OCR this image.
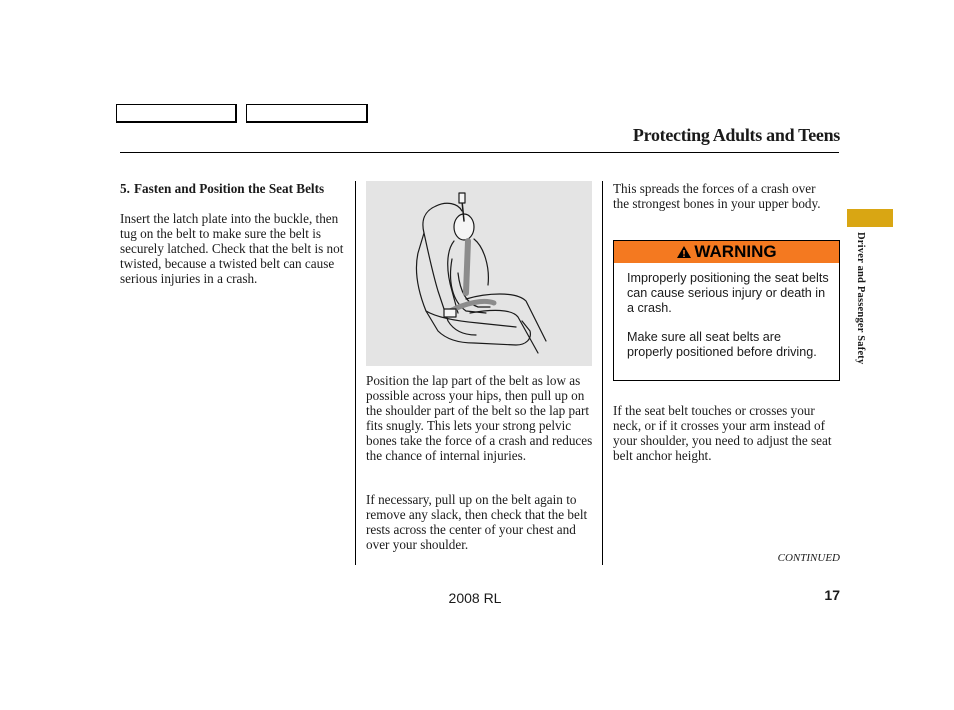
Protecting Adults and Teens
5. Fasten and Position the Seat Belts
Insert the latch plate into the buckle, then tug on the belt to make sure the belt is securely latched. Check that the belt is not twisted, because a twisted belt can cause serious injuries in a crash.
Position the lap part of the belt as low as possible across your hips, then pull up on the shoulder part of the belt so the lap part fits snugly. This lets your strong pelvic bones take the force of a crash and reduces the chance of internal injuries.
If necessary, pull up on the belt again to remove any slack, then check that the belt rests across the center of your chest and over your shoulder.
This spreads the forces of a crash over the strongest bones in your upper body.
WARNING
Improperly positioning the seat belts can cause serious injury or death in a crash.
Make sure all seat belts are properly positioned before driving.
If the seat belt touches or crosses your neck, or if it crosses your arm instead of your shoulder, you need to adjust the seat belt anchor height.
Driver and Passenger Safety
CONTINUED
2008 RL	17
